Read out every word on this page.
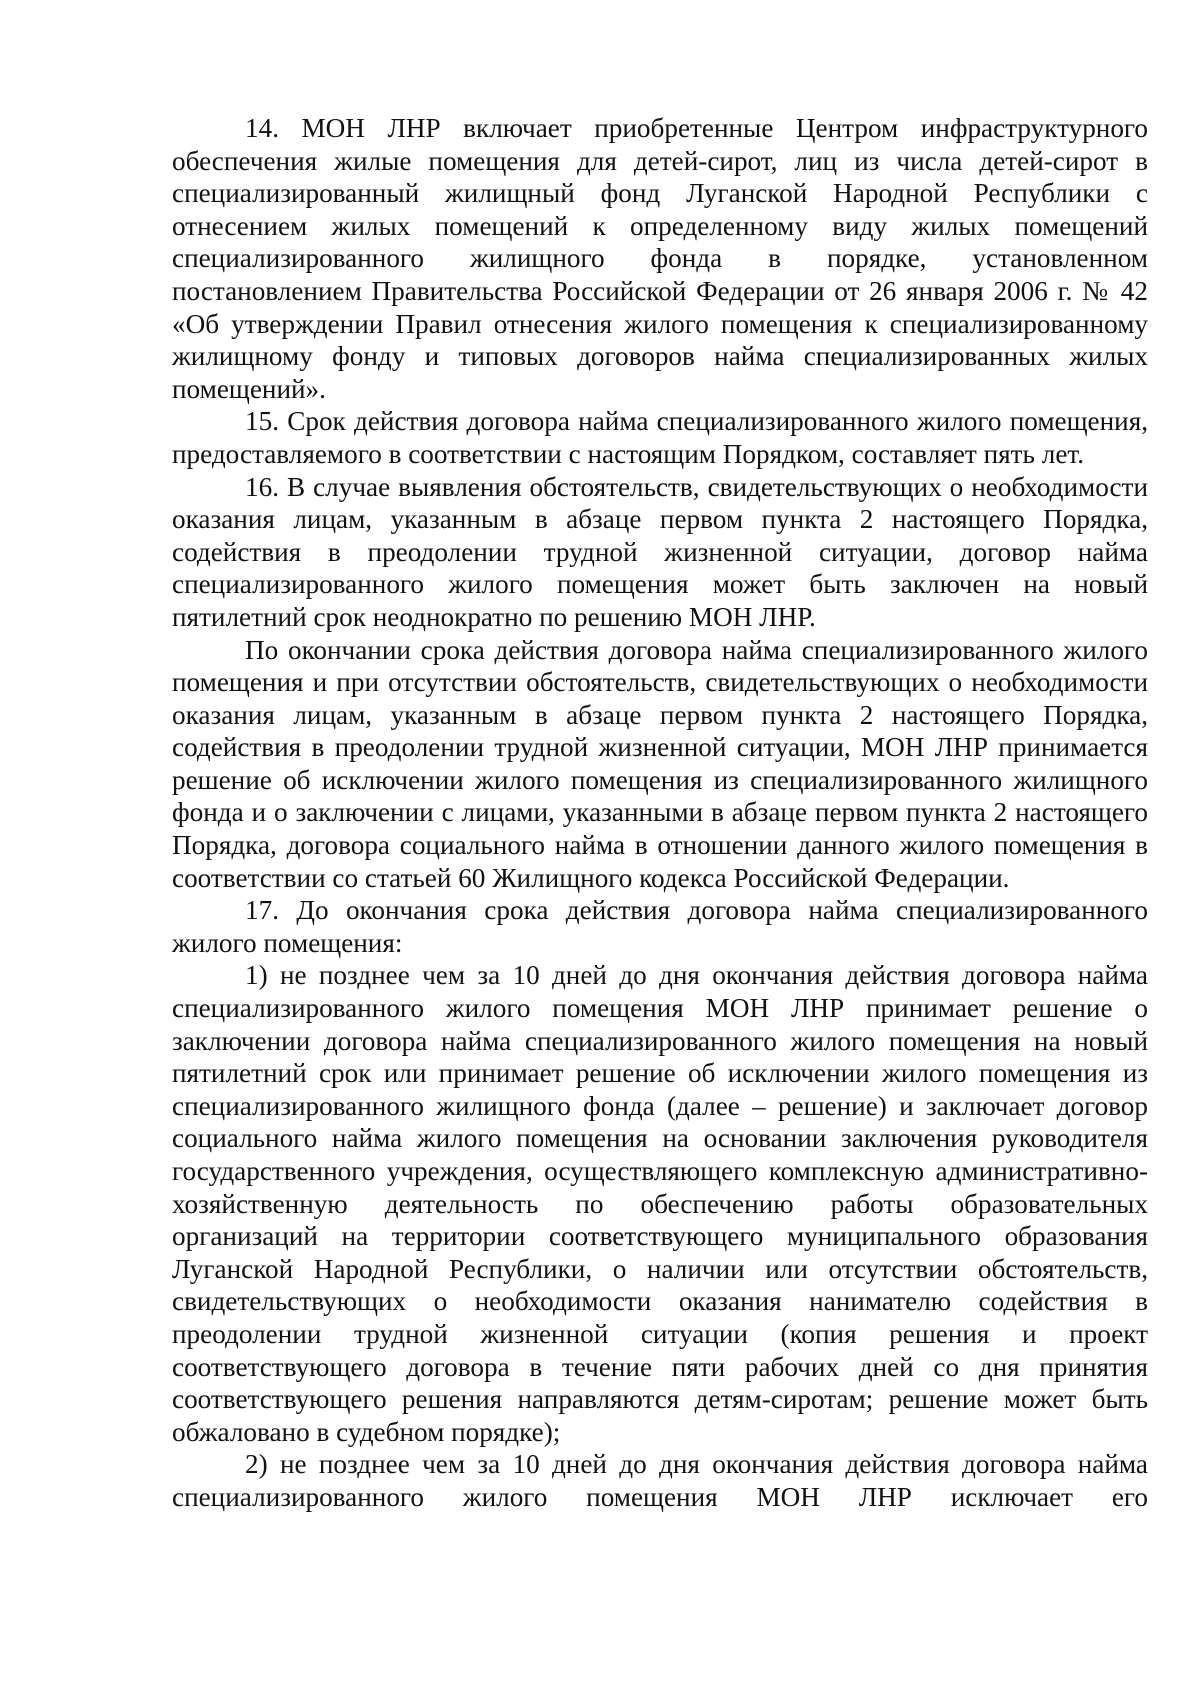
14. МОН ЛНР включает приобретенные Центром инфраструктурного обеспечения жилые помещения для детей-сирот, лиц из числа детей-сирот в специализированный жилищный фонд Луганской Народной Республики с отнесением жилых помещений к определенному виду жилых помещений специализированного жилищного фонда в порядке, установленном постановлением Правительства Российской Федерации от 26 января 2006 г. № 42 «Об утверждении Правил отнесения жилого помещения к специализированному жилищному фонду и типовых договоров найма специализированных жилых помещений».

15. Срок действия договора найма специализированного жилого помещения, предоставляемого в соответствии с настоящим Порядком, составляет пять лет.

16. В случае выявления обстоятельств, свидетельствующих о необходимости оказания лицам, указанным в абзаце первом пункта 2 настоящего Порядка, содействия в преодолении трудной жизненной ситуации, договор найма специализированного жилого помещения может быть заключен на новый пятилетний срок неоднократно по решению МОН ЛНР.

По окончании срока действия договора найма специализированного жилого помещения и при отсутствии обстоятельств, свидетельствующих о необходимости оказания лицам, указанным в абзаце первом пункта 2 настоящего Порядка, содействия в преодолении трудной жизненной ситуации, МОН ЛНР принимается решение об исключении жилого помещения из специализированного жилищного фонда и о заключении с лицами, указанными в абзаце первом пункта 2 настоящего Порядка, договора социального найма в отношении данного жилого помещения в соответствии со статьей 60 Жилищного кодекса Российской Федерации.

17. До окончания срока действия договора найма специализированного жилого помещения:

1) не позднее чем за 10 дней до дня окончания действия договора найма специализированного жилого помещения МОН ЛНР принимает решение о заключении договора найма специализированного жилого помещения на новый пятилетний срок или принимает решение об исключении жилого помещения из специализированного жилищного фонда (далее – решение) и заключает договор социального найма жилого помещения на основании заключения руководителя государственного учреждения, осуществляющего комплексную административно-хозяйственную деятельность по обеспечению работы образовательных организаций на территории соответствующего муниципального образования Луганской Народной Республики, о наличии или отсутствии обстоятельств, свидетельствующих о необходимости оказания нанимателю содействия в преодолении трудной жизненной ситуации (копия решения и проект соответствующего договора в течение пяти рабочих дней со дня принятия соответствующего решения направляются детям-сиротам; решение может быть обжаловано в судебном порядке);

2) не позднее чем за 10 дней до дня окончания действия договора найма специализированного жилого помещения МОН ЛНР исключает его
